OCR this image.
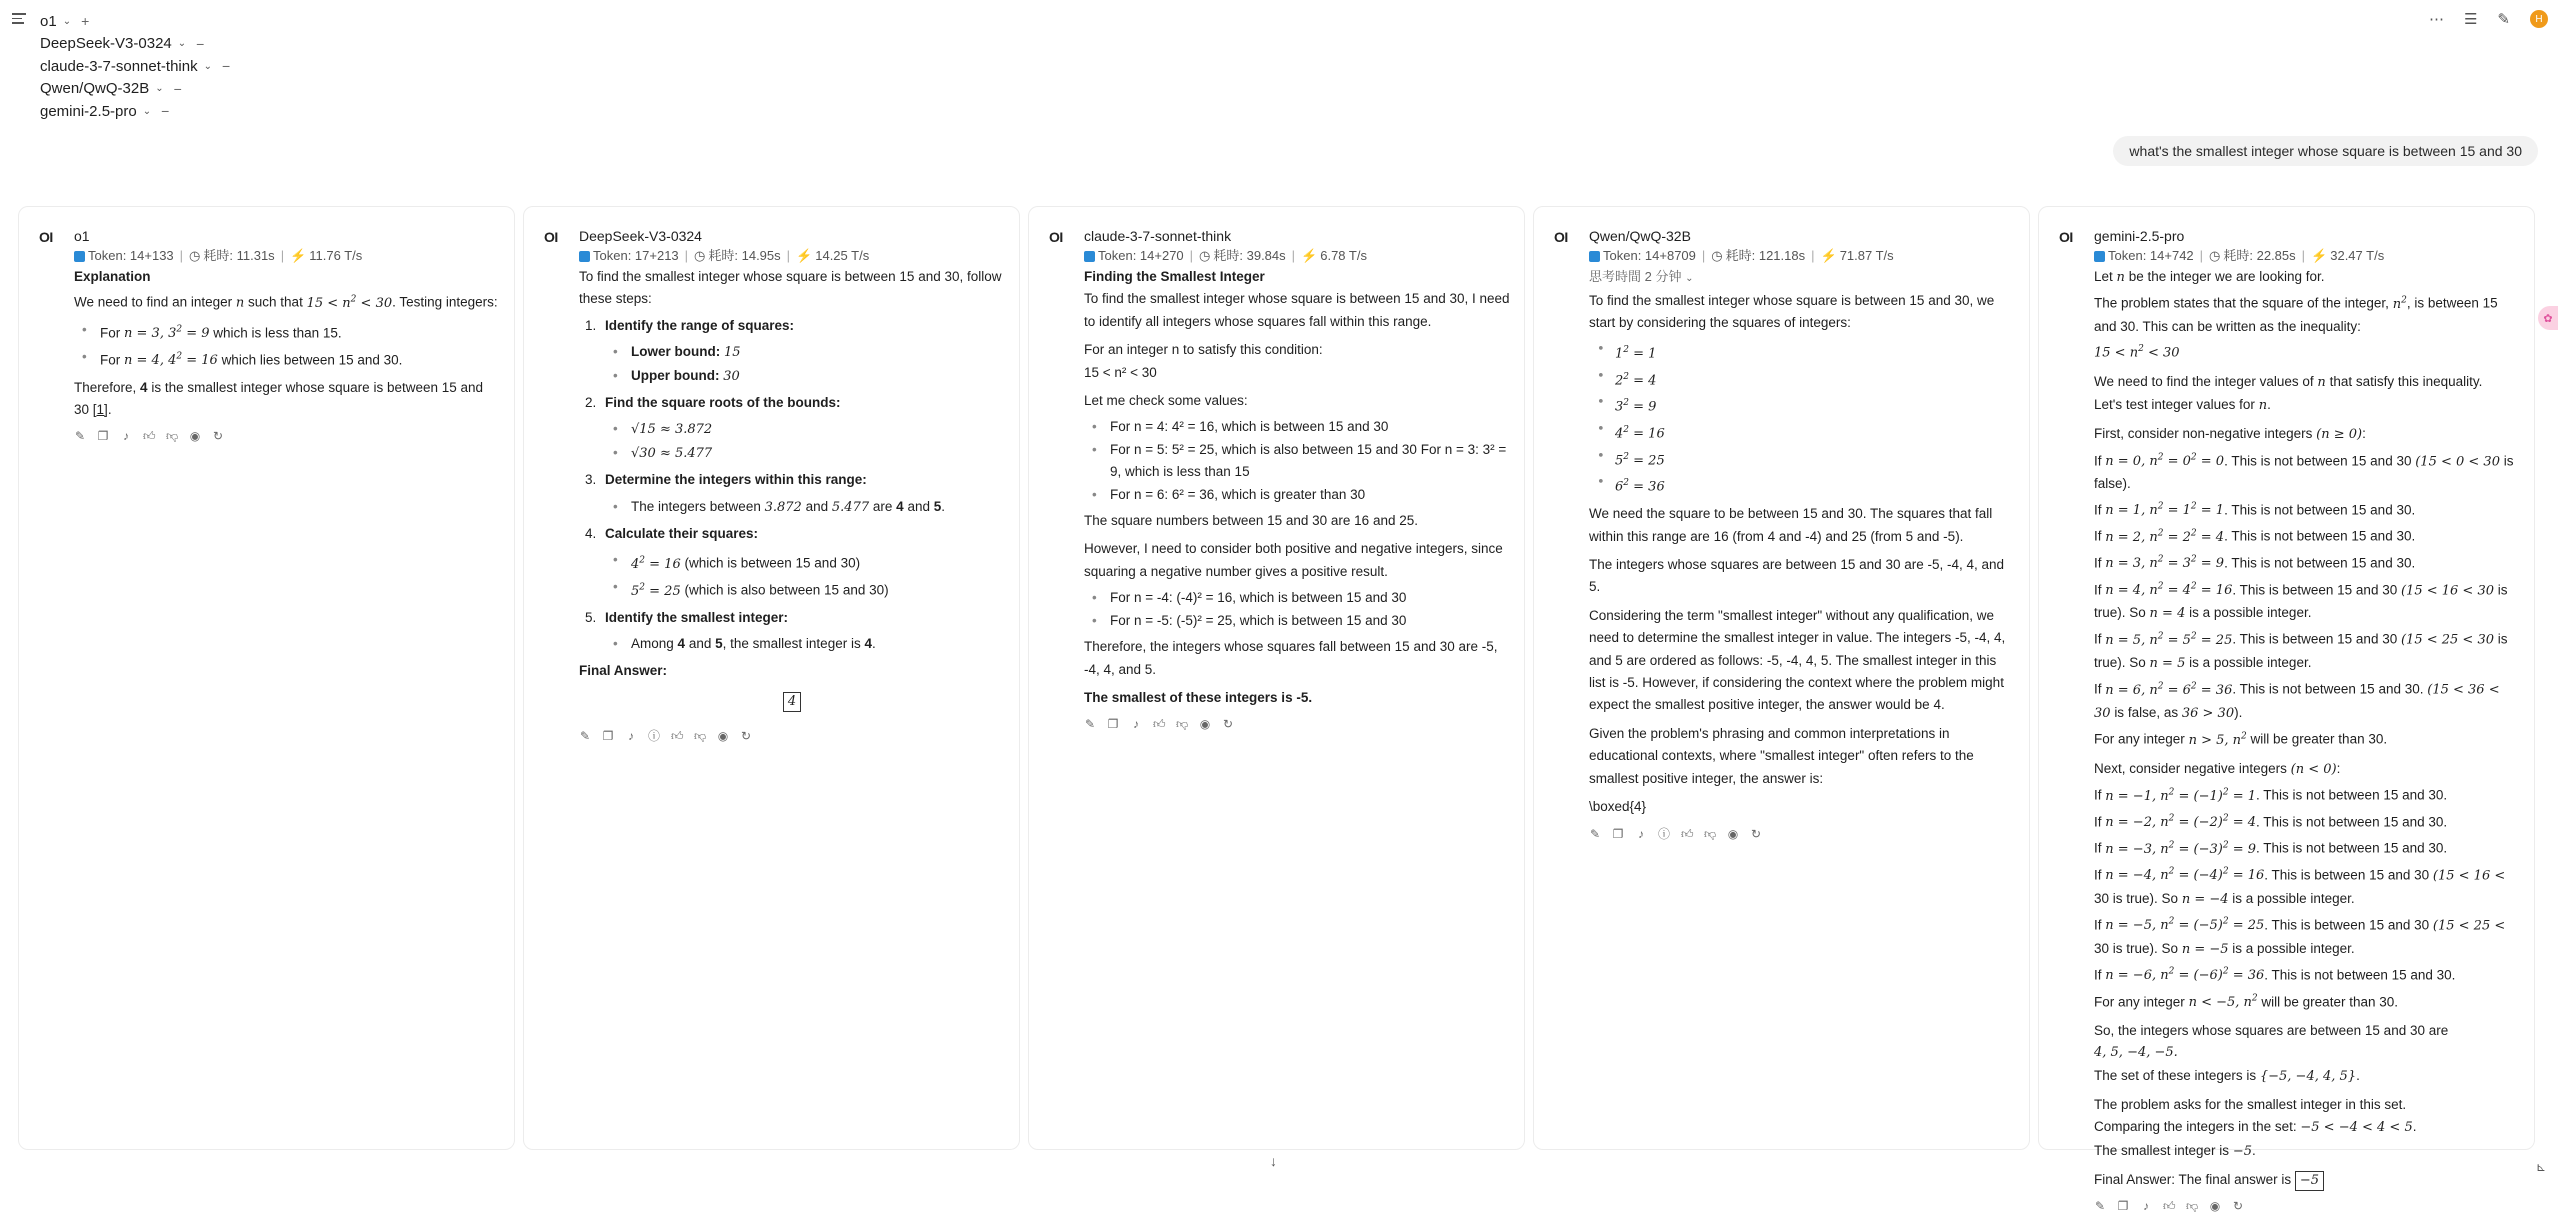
o1 ⌄ +
DeepSeek-V3-0324 ⌄ −
claude-3-7-sonnet-think ⌄ −
Qwen/QwQ-32B ⌄ −
gemini-2.5-pro ⌄ −
⋯ ☰ ✎	H
what's the smallest integer whose square is between 15 and 30
✿
OI o1
Token: 14+133 | ◷ 耗時: 11.31s | ⚡ 11.76 T/s

Explanation

We need to find an integer n such that $15 < n^2 < 30$. Testing integers:

• For n = 3, $3^2 = 9$ which is less than 15.
• For n = 4, $4^2 = 16$ which lies between 15 and 30.

Therefore, 4 is the smallest integer whose square is between 15 and 30 [1].

✎ ❐ ♪ 👍︎ 👎︎ ◉ ↻
OI DeepSeek-V3-0324
Token: 17+213 | ◷ 耗時: 14.95s | ⚡ 14.25 T/s

To find the smallest integer whose square is between 15 and 30, follow these steps:

1. Identify the range of squares:
• Lower bound: 15
• Upper bound: 30
2. Find the square roots of the bounds:
• √15 ≈ 3.872
• √30 ≈ 5.477
3. Determine the integers within this range:
• The integers between 3.872 and 5.477 are 4 and 5.
4. Calculate their squares:
• $4^2 = 16$ (which is between 15 and 30)
• $5^2 = 25$ (which is also between 15 and 30)
5. Identify the smallest integer:
• Among 4 and 5, the smallest integer is 4.

Final Answer:

4
✎ ❐ ♪ ⓘ 👍︎ 👎︎ ◉ ↻
OI claude-3-7-sonnet-think
Token: 14+270 | ◷ 耗時: 39.84s | ⚡ 6.78 T/s

Finding the Smallest Integer

To find the smallest integer whose square is between 15 and 30, I need to identify all integers whose squares fall within this range.

For an integer n to satisfy this condition:

15 < n² < 30

Let me check some values:

• For n = 4: 4² = 16, which is between 15 and 30
• For n = 5: 5² = 25, which is also between 15 and 30 For n = 3: 3² = 9, which is less than 15
• For n = 6: 6² = 36, which is greater than 30

The square numbers between 15 and 30 are 16 and 25.

However, I need to consider both positive and negative integers, since squaring a negative number gives a positive result.

• For n = -4: (-4)² = 16, which is between 15 and 30
• For n = -5: (-5)² = 25, which is between 15 and 30

Therefore, the integers whose squares fall between 15 and 30 are -5, -4, 4, and 5.

The smallest of these integers is -5.

✎ ❐ ♪ 👍︎ 👎︎ ◉ ↻
OI Qwen/QwQ-32B
Token: 14+8709 | ◷ 耗時: 121.18s | ⚡ 71.87 T/s
思考時間 2 分钟 ⌄

To find the smallest integer whose square is between 15 and 30, we start by considering the squares of integers:

• $1^2 = 1$
• $2^2 = 4$
• $3^2 = 9$
• $4^2 = 16$
• $5^2 = 25$
• $6^2 = 36$

We need the square to be between 15 and 30. The squares that fall within this range are 16 (from 4 and -4) and 25 (from 5 and -5).

The integers whose squares are between 15 and 30 are -5, -4, 4, and 5.

Considering the term "smallest integer" without any qualification, we need to determine the smallest integer in value. The integers -5, -4, 4, and 5 are ordered as follows: -5, -4, 4, 5. The smallest integer in this list is -5. However, if considering the context where the problem might expect the smallest positive integer, the answer would be 4.

Given the problem's phrasing and common interpretations in educational contexts, where "smallest integer" often refers to the smallest positive integer, the answer is:

\boxed{4}

✎ ❐ ♪ ⓘ 👍︎ 👎︎ ◉ ↻
OI gemini-2.5-pro
Token: 14+742 | ◷ 耗時: 22.85s | ⚡ 32.47 T/s

Let n be the integer we are looking for.

The problem states that the square of the integer, $n^2$, is between 15 and 30. This can be written as the inequality:

$15 < n^2 < 30$

We need to find the integer values of n that satisfy this inequality.

Let's test integer values for n.

First, consider non-negative integers (n ≥ 0):

If n = 0, $n^2 = 0^2 = 0$. This is not between 15 and 30 (15 < 0 < 30 is false).

If n = 1, $n^2 = 1^2 = 1$. This is not between 15 and 30.

If n = 2, $n^2 = 2^2 = 4$. This is not between 15 and 30.

If n = 3, $n^2 = 3^2 = 9$. This is not between 15 and 30.

If n = 4, $n^2 = 4^2 = 16$. This is between 15 and 30 (15 < 16 < 30 is true). So n = 4 is a possible integer.

If n = 5, $n^2 = 5^2 = 25$. This is between 15 and 30 (15 < 25 < 30 is true). So n = 5 is a possible integer.

If n = 6, $n^2 = 6^2 = 36$. This is not between 15 and 30. (15 < 36 < 30 is false, as 36 > 30).

For any integer n > 5, $n^2$ will be greater than 30.

Next, consider negative integers (n < 0):

If n = −1, $n^2 = (-1)^2 = 1$. This is not between 15 and 30.

If n = −2, $n^2 = (-2)^2 = 4$. This is not between 15 and 30.

If n = −3, $n^2 = (-3)^2 = 9$. This is not between 15 and 30.

If n = −4, $n^2 = (-4)^2 = 16$. This is between 15 and 30 (15 < 16 < 30 is true). So n = −4 is a possible integer.

If n = −5, $n^2 = (-5)^2 = 25$. This is between 15 and 30 (15 < 25 < 30 is true). So n = −5 is a possible integer.

If n = −6, $n^2 = (-6)^2 = 36$. This is not between 15 and 30.

For any integer n < −5, $n^2$ will be greater than 30.

So, the integers whose squares are between 15 and 30 are

4, 5, −4, −5.

The set of these integers is {−5, −4, 4, 5}.

The problem asks for the smallest integer in this set.

Comparing the integers in the set: −5 < −4 < 4 < 5.

The smallest integer is −5.

Final Answer: The final answer is −5

✎ ❐ ♪ 👍︎ 👎︎ ◉ ↻
↓	⊾
